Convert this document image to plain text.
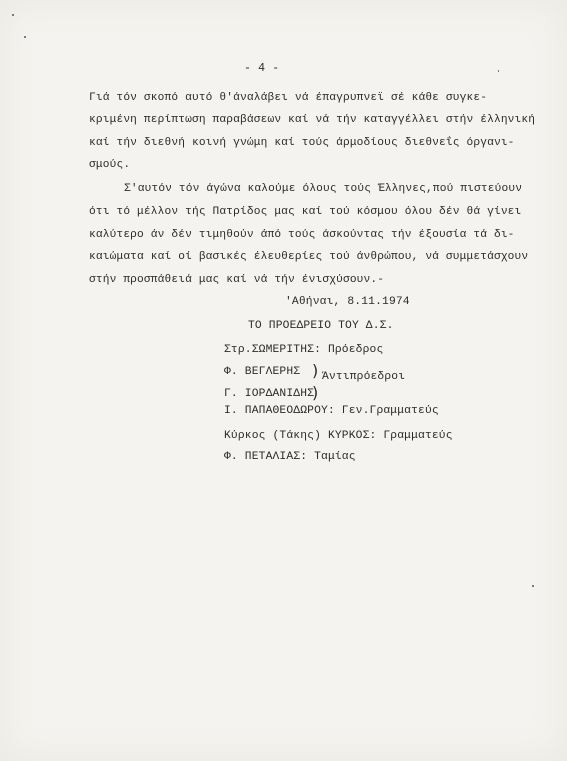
- 4 -
Γιά τόν σκοπό αυτό θ'άναλάβει νά έπαγρυπνεϊ σέ κάθε συγκε-
κριμένη περίπτωση παραβάσεων καί νά τήν καταγγέλλει στήν έλληνική
καί τήν διεθνή κοινή γνώμη καί τούς άρμοδίους διεθνεΐς όργανι-
σμούς.
Σ'αυτόν τόν άγώνα καλούμε όλους τούς Έλληνες,πού πιστεύουν
ότι τό μέλλον τής Πατρίδος μας καί τού κόσμου όλου δέν θά γίνει
καλύτερο άν δέν τιμηθούν άπό τούς άσκούντας τήν έξουσία τά δι-
καιώματα καί οί βασικές έλευθερίες τού άνθρώπου, νά συμμετάσχουν
στήν προσπάθειά μας καί νά τήν ένισχύσουν.-
'Αθήναι, 8.11.1974
ΤΟ ΠΡΟΕΔΡΕΙΟ ΤΟΥ Δ.Σ.
Στρ.ΣΩΜΕΡΙΤΗΣ: Πρόεδρος
Φ. ΒΕΓΛΕΡΗΣ ) Άντιπρόεδροι
Γ. ΙΟΡΔΑΝΙΔΗΣ
)
Ι. ΠΑΠΑΘΕΟΔΩΡΟΥ: Γεν.Γραμματεύς
Κύρκος (Τάκης) ΚΥΡΚΟΣ: Γραμματεύς
Φ. ΠΕΤΑΛΙΑΣ: Ταμίας
